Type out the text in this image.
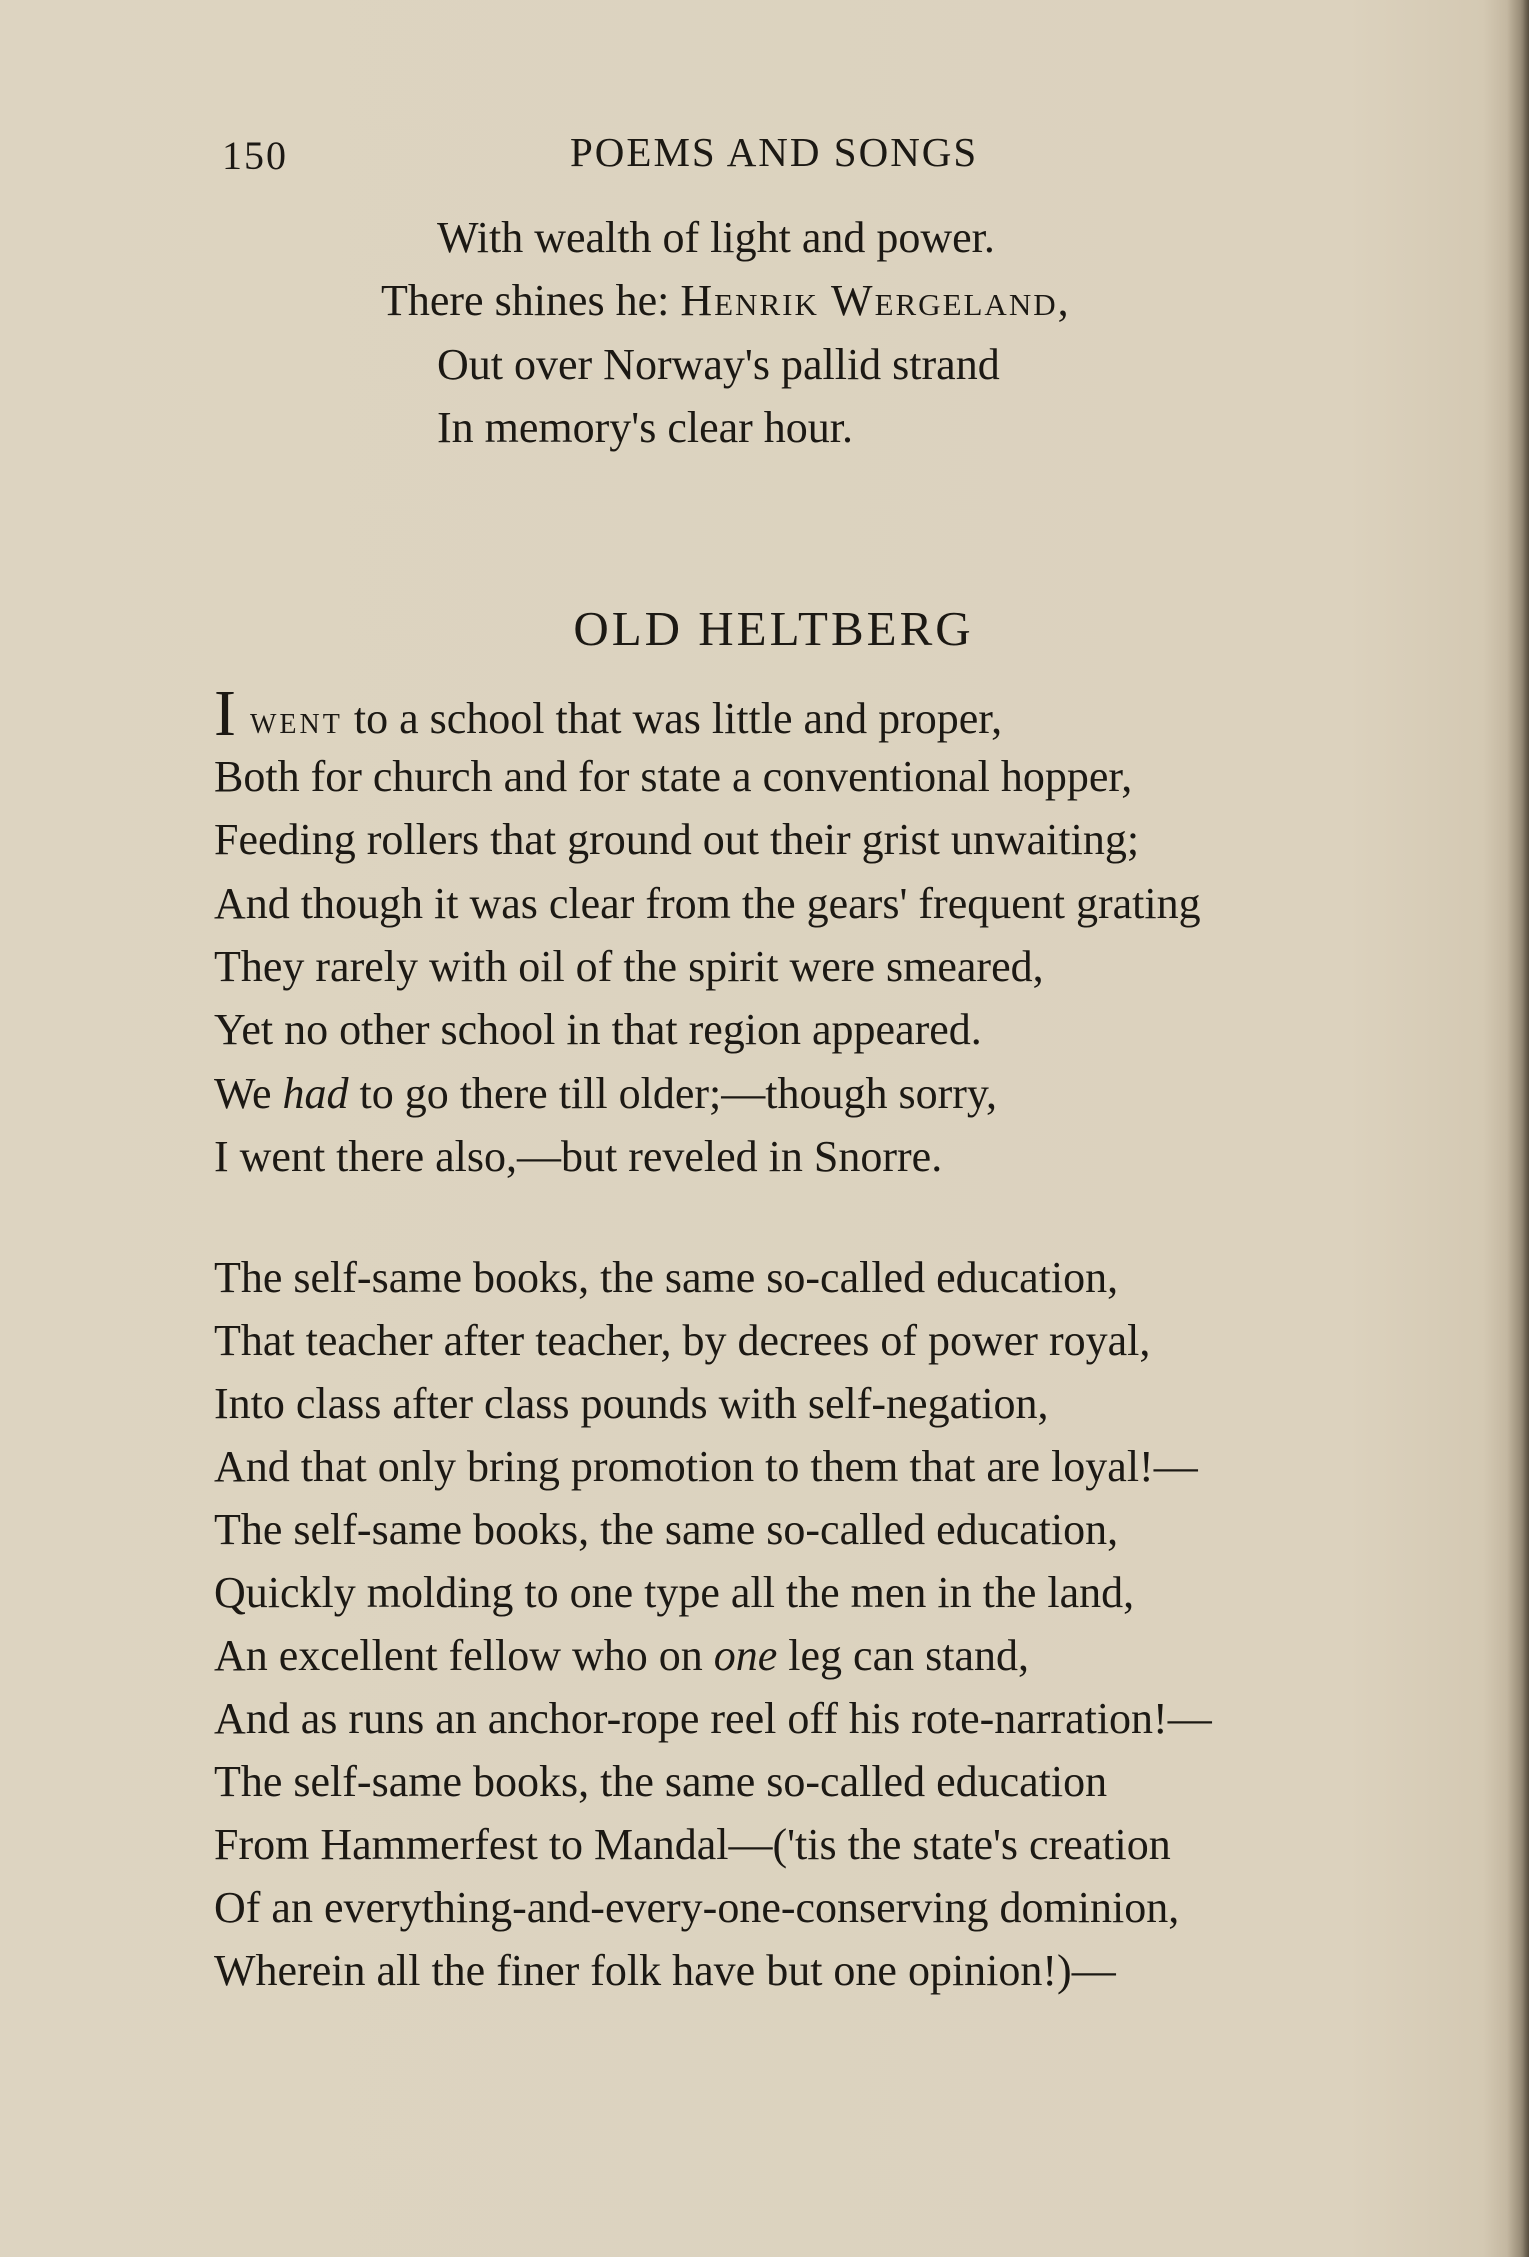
150	POEMS AND SONGS
With wealth of light and power.
There shines he: Henrik Wergeland,
Out over Norway's pallid strand
In memory's clear hour.
OLD HELTBERG
Iwent to a school that was little and proper,
Both for church and for state a conventional hopper,
Feeding rollers that ground out their grist unwaiting;
And though it was clear from the gears' frequent grating
They rarely with oil of the spirit were smeared,
Yet no other school in that region appeared.
We had to go there till older;—though sorry,
I went there also,—but reveled in Snorre.
The self-same books, the same so-called education,
That teacher after teacher, by decrees of power royal,
Into class after class pounds with self-negation,
And that only bring promotion to them that are loyal!—
The self-same books, the same so-called education,
Quickly molding to one type all the men in the land,
An excellent fellow who on one leg can stand,
And as runs an anchor-rope reel off his rote-narration!—
The self-same books, the same so-called education
From Hammerfest to Mandal—('tis the state's creation
Of an everything-and-every-one-conserving dominion,
Wherein all the finer folk have but one opinion!)—
